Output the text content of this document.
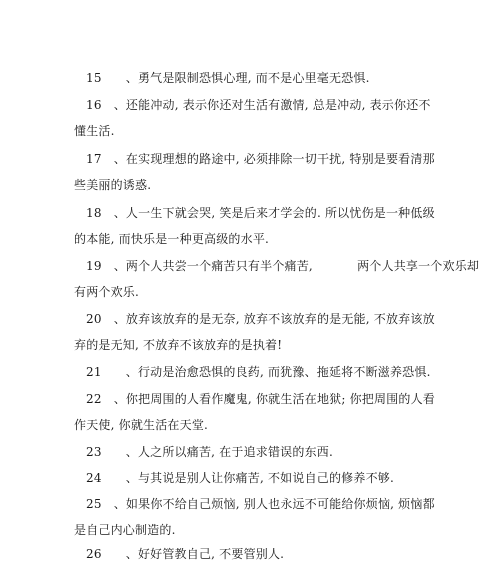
15      、勇气是限制恐惧心理, 而不是心里毫无恐惧.
16   、还能冲动, 表示你还对生活有激情, 总是冲动, 表示你还不
懂生活.
17   、在实现理想的路途中, 必须排除一切干扰, 特别是要看清那
些美丽的诱惑.
18   、人一生下就会哭, 笑是后来才学会的. 所以忧伤是一种低级
的本能, 而快乐是一种更高级的水平.
19   、两个人共尝一个痛苦只有半个痛苦,           两个人共享一个欢乐却
有两个欢乐.
20   、放弃该放弃的是无奈, 放弃不该放弃的是无能, 不放弃该放
弃的是无知, 不放弃不该放弃的是执着!
21      、行动是治愈恐惧的良药, 而犹豫、拖延将不断滋养恐惧.
22   、你把周围的人看作魔鬼, 你就生活在地狱; 你把周围的人看
作天使, 你就生活在天堂.
23      、人之所以痛苦, 在于追求错误的东西.
24      、与其说是别人让你痛苦, 不如说自己的修养不够.
25   、如果你不给自己烦恼, 别人也永远不可能给你烦恼, 烦恼都
是自己内心制造的.
26      、好好管教自己, 不要管别人.
